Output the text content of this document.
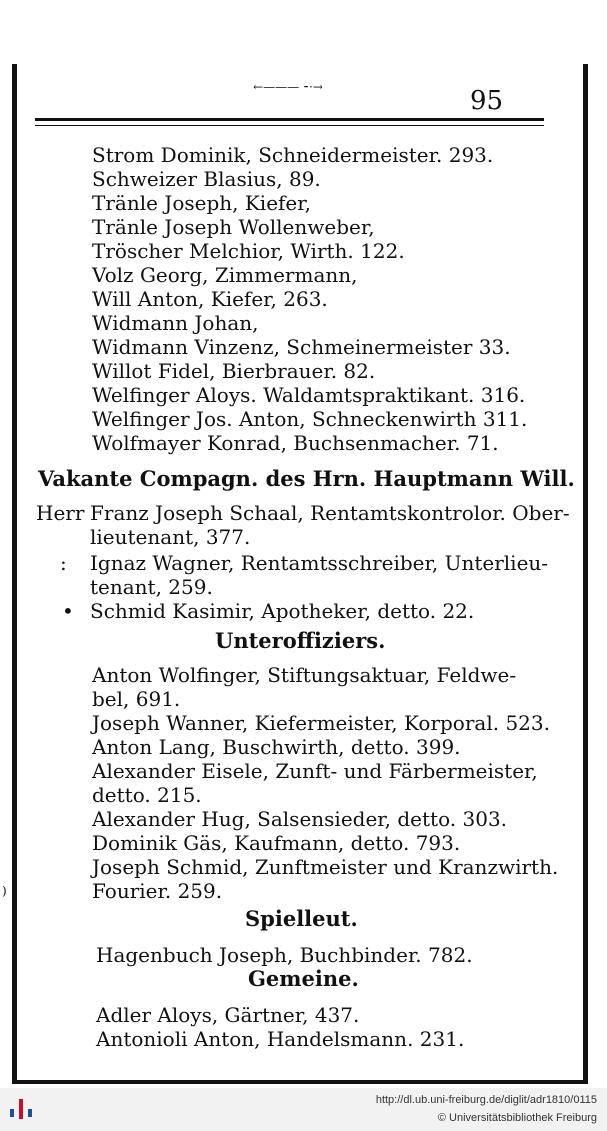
←——— ⁃·→	95
Strom Dominik, Schneidermeister. 293.
Schweizer Blasius, 89.
Tränle Joseph, Kiefer,
Tränle Joseph Wollenweber,
Tröscher Melchior, Wirth. 122.
Volz Georg, Zimmermann,
Will Anton, Kiefer, 263.
Widmann Johan,
Widmann Vinzenz, Schmeinermeister 33.
Willot Fidel, Bierbrauer. 82.
Welfinger Aloys. Waldamtspraktikant. 316.
Welfinger Jos. Anton, Schneckenwirth 311.
Wolfmayer Konrad, Buchsenmacher. 71.
Vakante Compagn. des Hrn. Hauptmann Will.
Herr Franz Joseph Schaal, Rentamtskontrolor. Ober-
lieutenant, 377.
: Ignaz Wagner, Rentamtsschreiber, Unterlieu-
tenant, 259.
• Schmid Kasimir, Apotheker, detto. 22.
Unteroffiziers.
Anton Wolfinger, Stiftungsaktuar, Feldwe-
bel, 691.
Joseph Wanner, Kiefermeister, Korporal. 523.
Anton Lang, Buschwirth, detto. 399.
Alexander Eisele, Zunft- und Färbermeister,
detto. 215.
Alexander Hug, Salsensieder, detto. 303.
Dominik Gäs, Kaufmann, detto. 793.
Joseph Schmid, Zunftmeister und Kranzwirth.
Fourier. 259.
Spielleut.
Hagenbuch Joseph, Buchbinder. 782.
Gemeine.
Adler Aloys, Gärtner, 437.
Antonioli Anton, Handelsmann. 231.
)
http://dl.ub.uni-freiburg.de/diglit/adr1810/0115
© Universitätsbibliothek Freiburg
